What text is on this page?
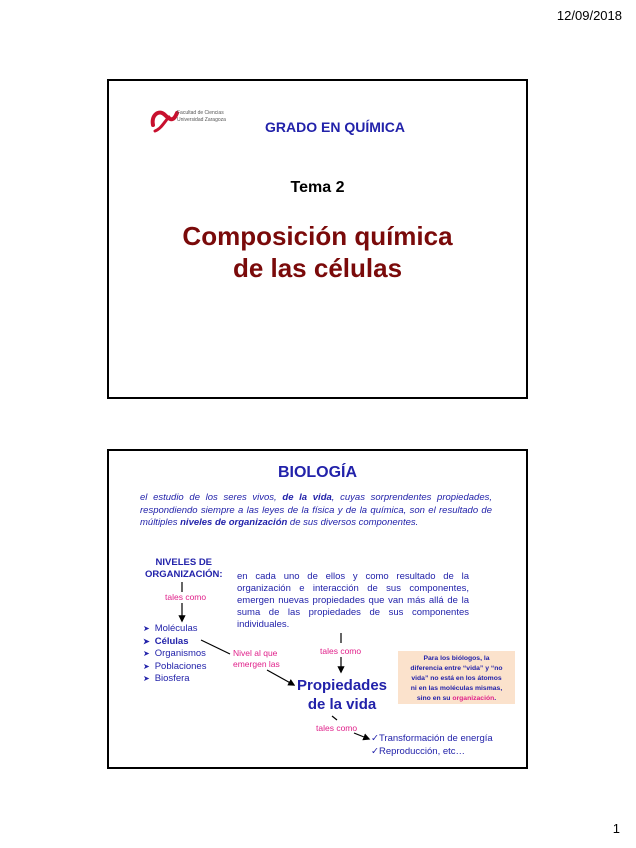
12/09/2018
Facultad de Ciencias
Universidad Zaragoza	GRADO EN QUÍMICA
Tema 2
Composición química
de las células
BIOLOGÍA
el estudio de los seres vivos, de la vida, cuyas sorprendentes propiedades, respondiendo siempre a las leyes de la física y de la química, son el resultado de múltiples niveles de organización de sus diversos componentes.
NIVELES DE
ORGANIZACIÓN: en cada uno de ellos y como resultado de la organización e interacción de sus componentes, emergen nuevas propiedades que van más allá de la suma de las propiedades de sus componentes individuales.
tales como
tales como
tales como
➤ Moléculas
➤ Células
➤ Organismos
➤ Poblaciones
➤ Biosfera
Nivel al que
emergen las
Propiedades
de la vida
Para los biólogos, la
diferencia entre “vida” y “no
vida” no está en los átomos
ni en las moléculas mismas,
sino en su organización.
✓ Transformación de energía
✓ Reproducción, etc…
1
